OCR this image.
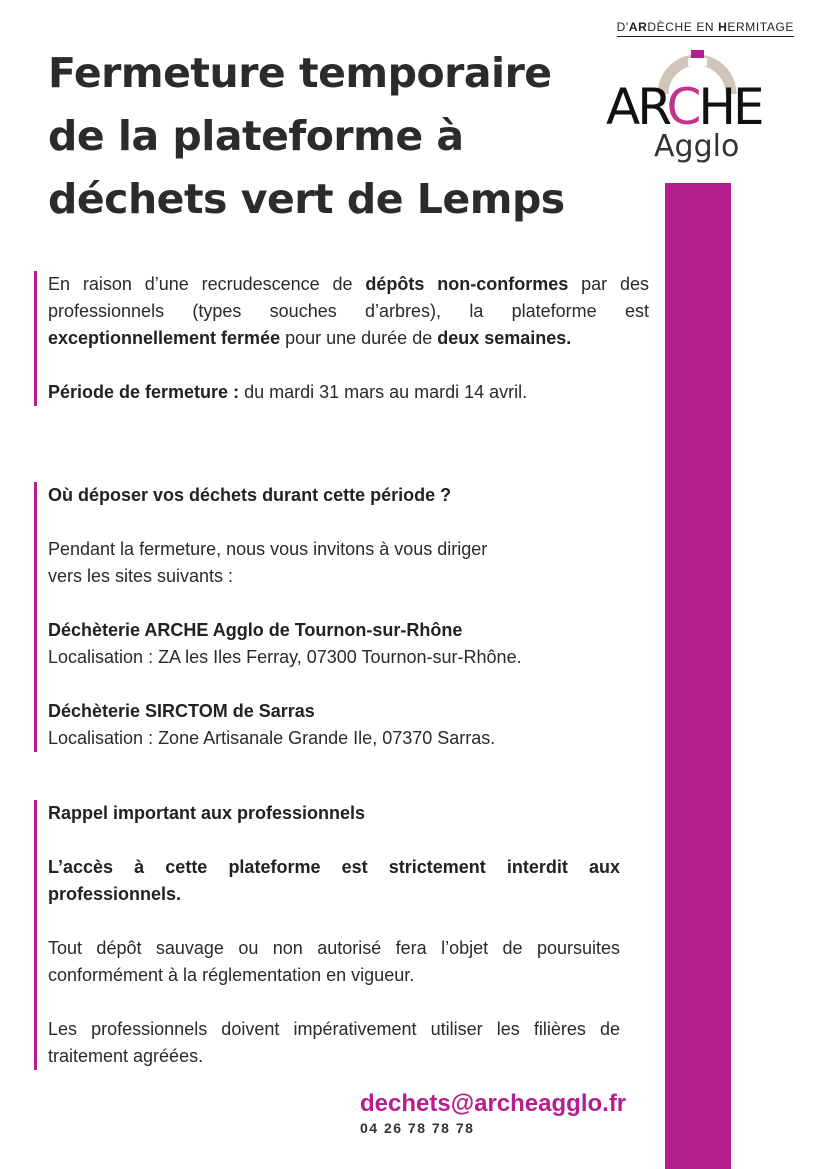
Fermeture temporaire
de la plateforme à
déchets vert de Lemps
D'ARDÈCHE EN HERMITAGE
ARCHE
Agglo

En raison d’une recrudescence de dépôts non-conformes par des professionnels (types souches d’arbres), la plateforme est exceptionnellement fermée pour une durée de deux semaines.

Période de fermeture : du mardi 31 mars au mardi 14 avril.

Où déposer vos déchets durant cette période ?

Pendant la fermeture, nous vous invitons à vous diriger

vers les sites suivants :

Déchèterie ARCHE Agglo de Tournon-sur-Rhône

Localisation : ZA les Iles Ferray, 07300 Tournon-sur-Rhône.

Déchèterie SIRCTOM de Sarras

Localisation : Zone Artisanale Grande Ile, 07370 Sarras.

Rappel important aux professionnels

L’accès à cette plateforme est strictement interdit aux professionnels.

Tout dépôt sauvage ou non autorisé fera l’objet de poursuites conformément à la réglementation en vigueur.

Les professionnels doivent impérativement utiliser les filières de traitement agréées.

dechets@archeagglo.fr
04 26 78 78 78
